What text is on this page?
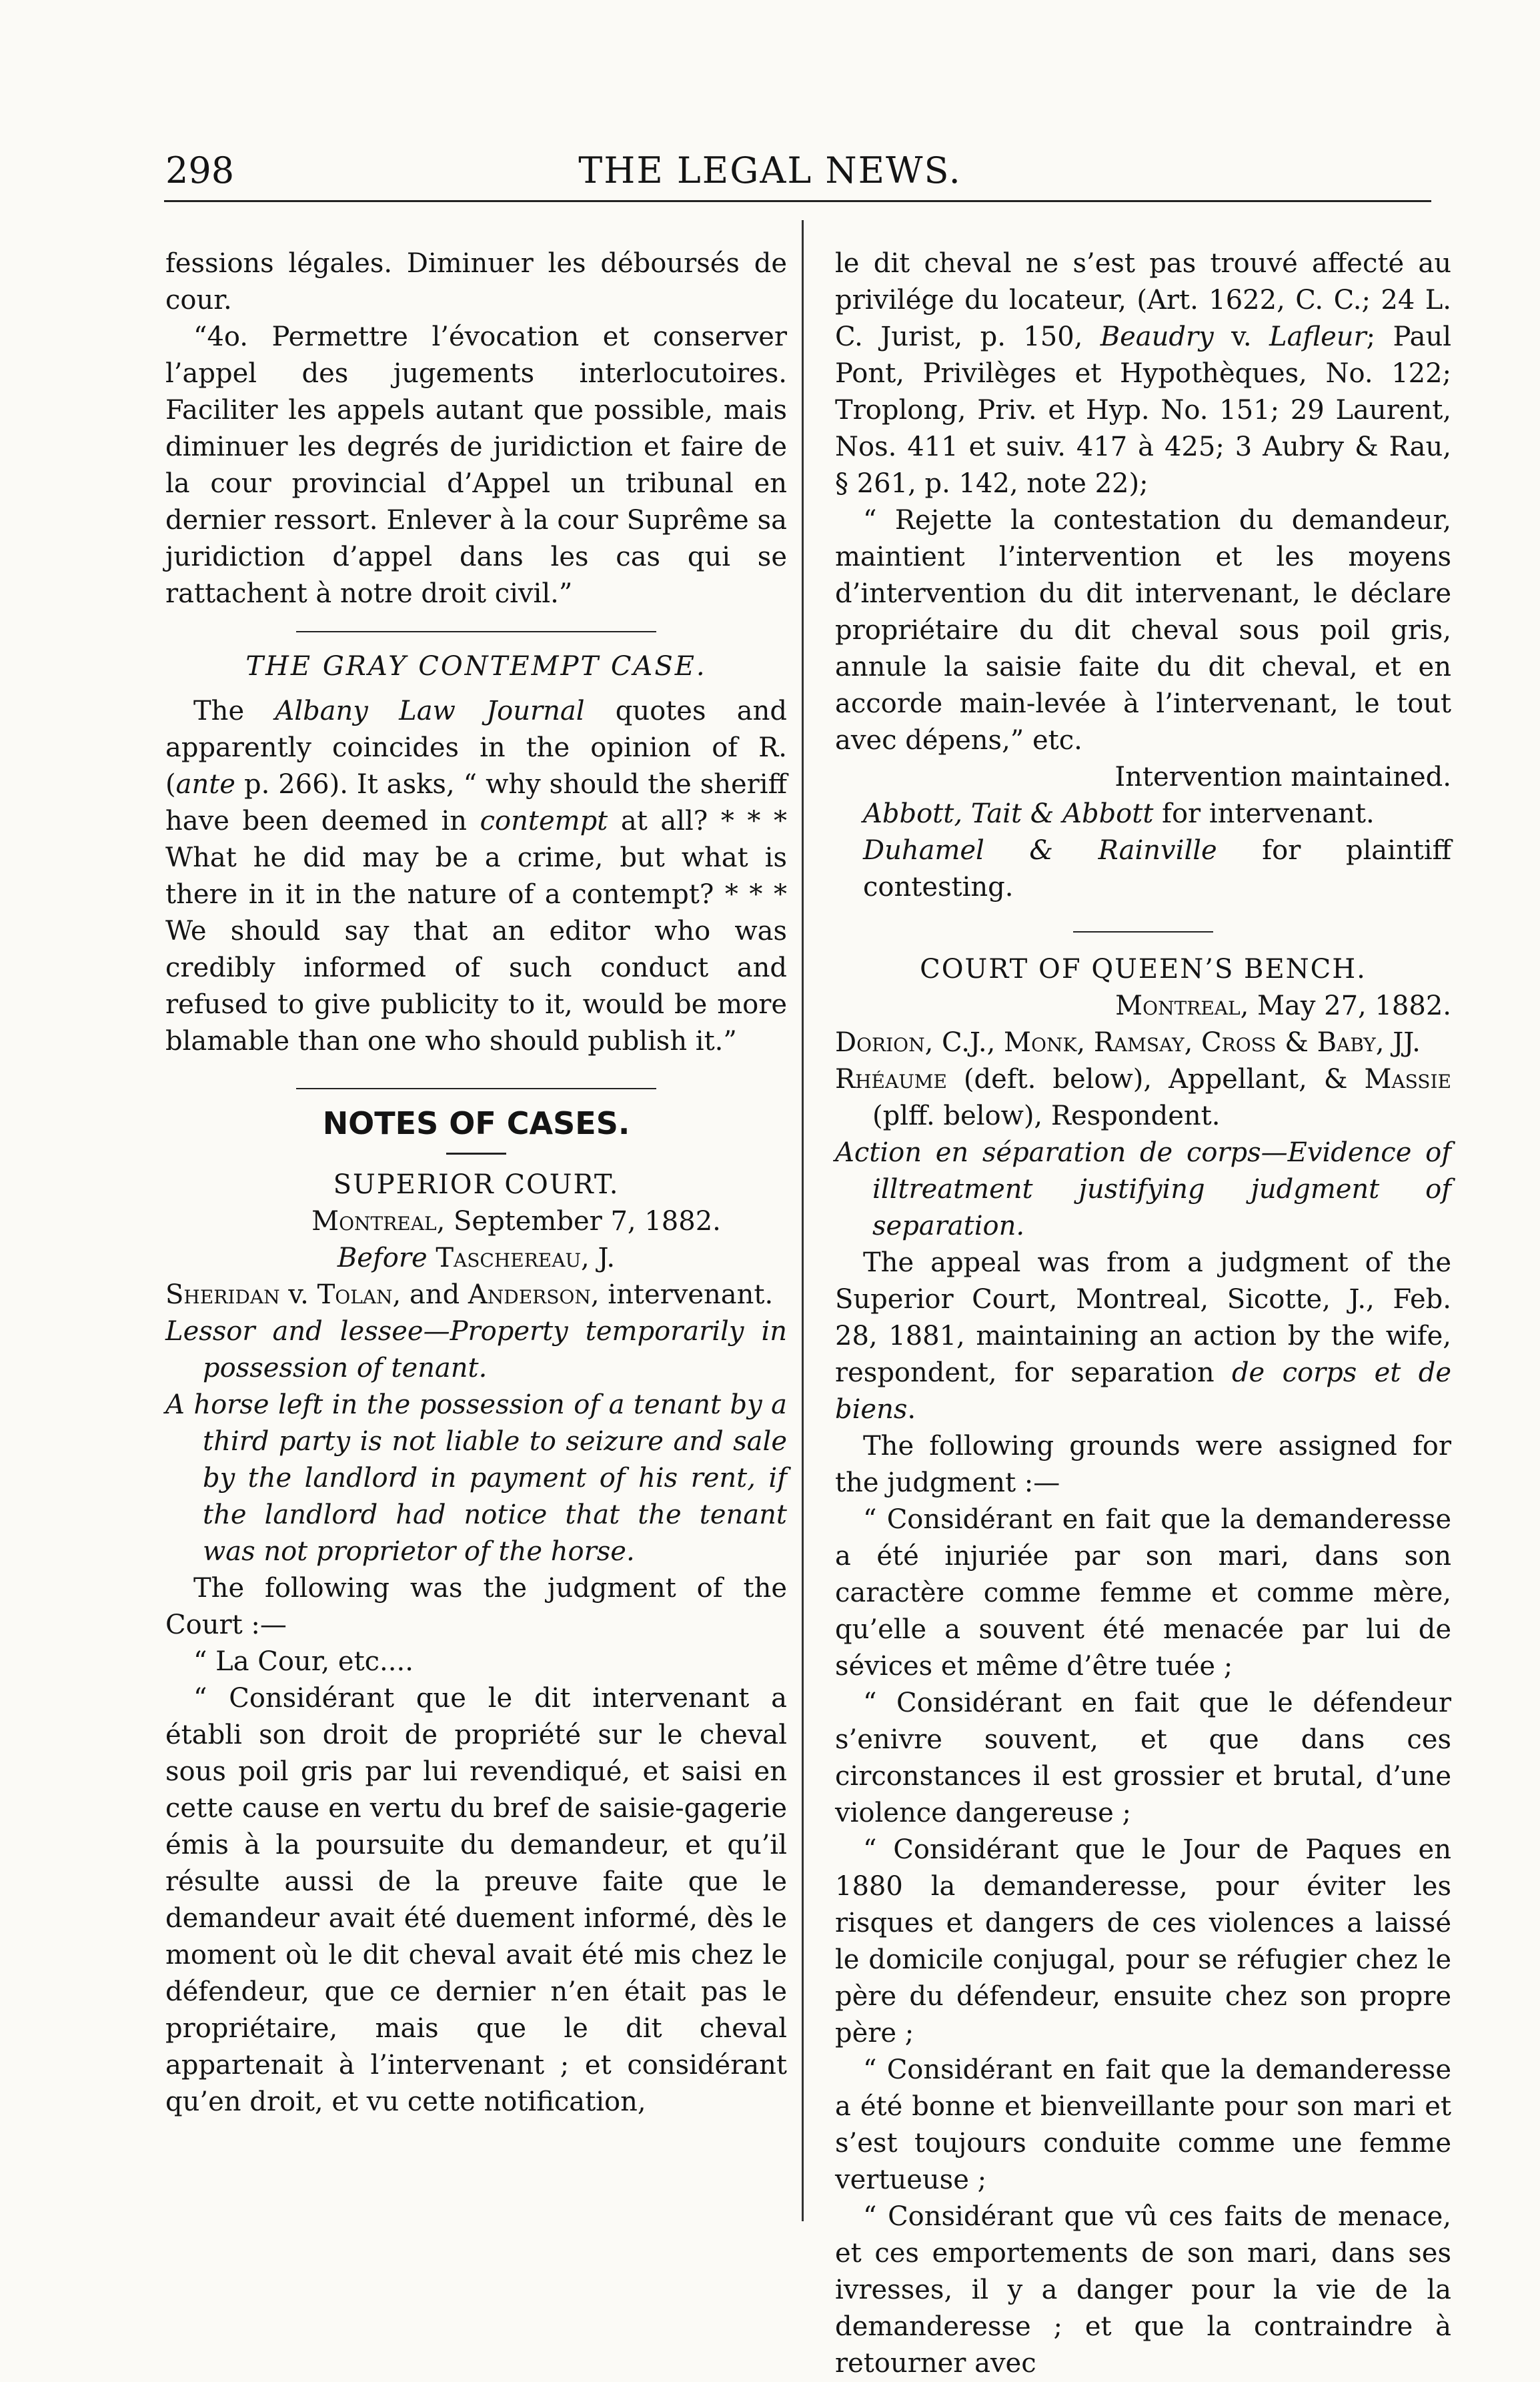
298	THE LEGAL NEWS.

fessions légales. Diminuer les déboursés de cour.

“4o. Permettre l’évocation et conserver l’appel des jugements interlocutoires. Faciliter les appels autant que possible, mais diminuer les degrés de juridiction et faire de la cour provincial d’Appel un tribunal en dernier ressort. Enlever à la cour Suprême sa juridiction d’appel dans les cas qui se rattachent à notre droit civil.”

THE GRAY CONTEMPT CASE.

The Albany Law Journal quotes and apparently coincides in the opinion of R. (ante p. 266). It asks, “ why should the sheriff have been deemed in contempt at all? * * * What he did may be a crime, but what is there in it in the nature of a contempt? * * * We should say that an editor who was credibly informed of such conduct and refused to give publicity to it, would be more blamable than one who should publish it.”

NOTES OF CASES.

SUPERIOR COURT.

Montreal, September 7, 1882.

Before Taschereau, J.

Sheridan v. Tolan, and Anderson, intervenant.

Lessor and lessee—Property temporarily in possession of tenant.

A horse left in the possession of a tenant by a third party is not liable to seizure and sale by the landlord in payment of his rent, if the landlord had notice that the tenant was not proprietor of the horse.

The following was the judgment of the Court :—

“ La Cour, etc....

“ Considérant que le dit intervenant a établi son droit de propriété sur le cheval sous poil gris par lui revendiqué, et saisi en cette cause en vertu du bref de saisie-gagerie émis à la poursuite du demandeur, et qu’il résulte aussi de la preuve faite que le demandeur avait été duement informé, dès le moment où le dit cheval avait été mis chez le défendeur, que ce dernier n’en était pas le propriétaire, mais que le dit cheval appartenait à l’intervenant ; et considérant qu’en droit, et vu cette notification,

le dit cheval ne s’est pas trouvé affecté au privilége du locateur, (Art. 1622, C. C.; 24 L. C. Jurist, p. 150, Beaudry v. Lafleur; Paul Pont, Privilèges et Hypothèques, No. 122; Troplong, Priv. et Hyp. No. 151; 29 Laurent, Nos. 411 et suiv. 417 à 425; 3 Aubry & Rau, § 261, p. 142, note 22);

“ Rejette la contestation du demandeur, maintient l’intervention et les moyens d’intervention du dit intervenant, le déclare propriétaire du dit cheval sous poil gris, annule la saisie faite du dit cheval, et en accorde main-levée à l’intervenant, le tout avec dépens,” etc.

Intervention maintained.

Abbott, Tait & Abbott for intervenant.

Duhamel & Rainville for plaintiff contesting.

COURT OF QUEEN’S BENCH.

Montreal, May 27, 1882.

Dorion, C.J., Monk, Ramsay, Cross & Baby, JJ.

Rhéaume (deft. below), Appellant, & Massie (plff. below), Respondent.

Action en séparation de corps—Evidence of illtreatment justifying judgment of separation.

The appeal was from a judgment of the Superior Court, Montreal, Sicotte, J., Feb. 28, 1881, maintaining an action by the wife, respondent, for separation de corps et de biens.

The following grounds were assigned for the judgment :—

“ Considérant en fait que la demanderesse a été injuriée par son mari, dans son caractère comme femme et comme mère, qu’elle a souvent été menacée par lui de sévices et même d’être tuée ;

“ Considérant en fait que le défendeur s’enivre souvent, et que dans ces circonstances il est grossier et brutal, d’une violence dangereuse ;

“ Considérant que le Jour de Paques en 1880 la demanderesse, pour éviter les risques et dangers de ces violences a laissé le domicile conjugal, pour se réfugier chez le père du défendeur, ensuite chez son propre père ;

“ Considérant en fait que la demanderesse a été bonne et bienveillante pour son mari et s’est toujours conduite comme une femme vertueuse ;

“ Considérant que vû ces faits de menace, et ces emportements de son mari, dans ses ivresses, il y a danger pour la vie de la demanderesse ; et que la contraindre à retourner avec
